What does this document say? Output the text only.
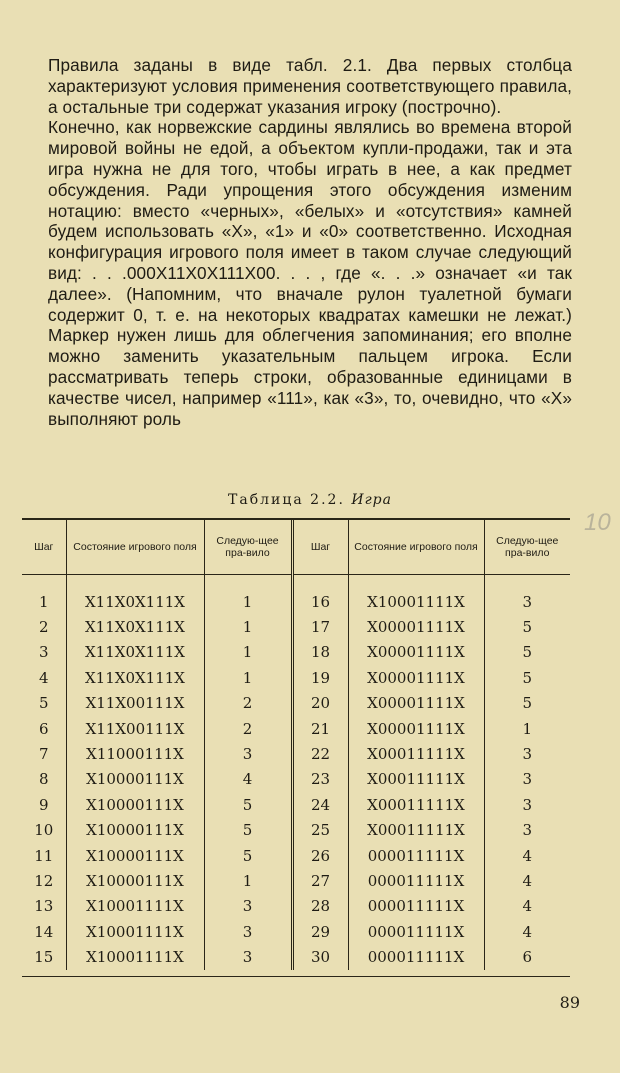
Правила заданы в виде табл. 2.1. Два первых столбца характеризуют условия применения соответствующего правила, а остальные три содержат указания игроку (построчно).

Конечно, как норвежские сардины являлись во времена второй мировой войны не едой, а объектом купли-продажи, так и эта игра нужна не для того, чтобы играть в нее, а как предмет обсуждения. Ради упрощения этого обсуждения изменим нотацию: вместо «черных», «белых» и «отсутствия» камней будем использовать «X», «1» и «0» соответственно. Исходная конфигурация игрового поля имеет в таком случае следующий вид: . . .000X11X0X111X00. . . , где «. . .» означает «и так далее». (Напомним, что вначале рулон туалетной бумаги содержит 0, т. е. на некоторых квадратах камешки не лежат.) Маркер нужен лишь для облегчения запоминания; его вполне можно заменить указательным пальцем игрока. Если рассматривать теперь строки, образованные единицами в качестве чисел, например «111», как «3», то, очевидно, что «X» выполняют роль

Таблица 2.2. Игра
Шаг	Состояние игрового поля	Следую-щее пра-вило	Шаг	Состояние игрового поля	Следую-щее пра-вило

1	X11X0X111X	1	16	X10001111X	3
2	X11X0X111X	1	17	X00001111X	5
3	X11X0X111X	1	18	X00001111X	5
4	X11X0X111X	1	19	X00001111X	5
5	X11X00111X	2	20	X00001111X	5
6	X11X00111X	2	21	X00001111X	1
7	X11000111X	3	22	X00011111X	3
8	X10000111X	4	23	X00011111X	3
9	X10000111X	5	24	X00011111X	3
10	X10000111X	5	25	X00011111X	3
11	X10000111X	5	26	000011111X	4
12	X10000111X	1	27	000011111X	4
13	X10001111X	3	28	000011111X	4
14	X10001111X	3	29	000011111X	4
15	X10001111X	3	30	000011111X	6
89
10
